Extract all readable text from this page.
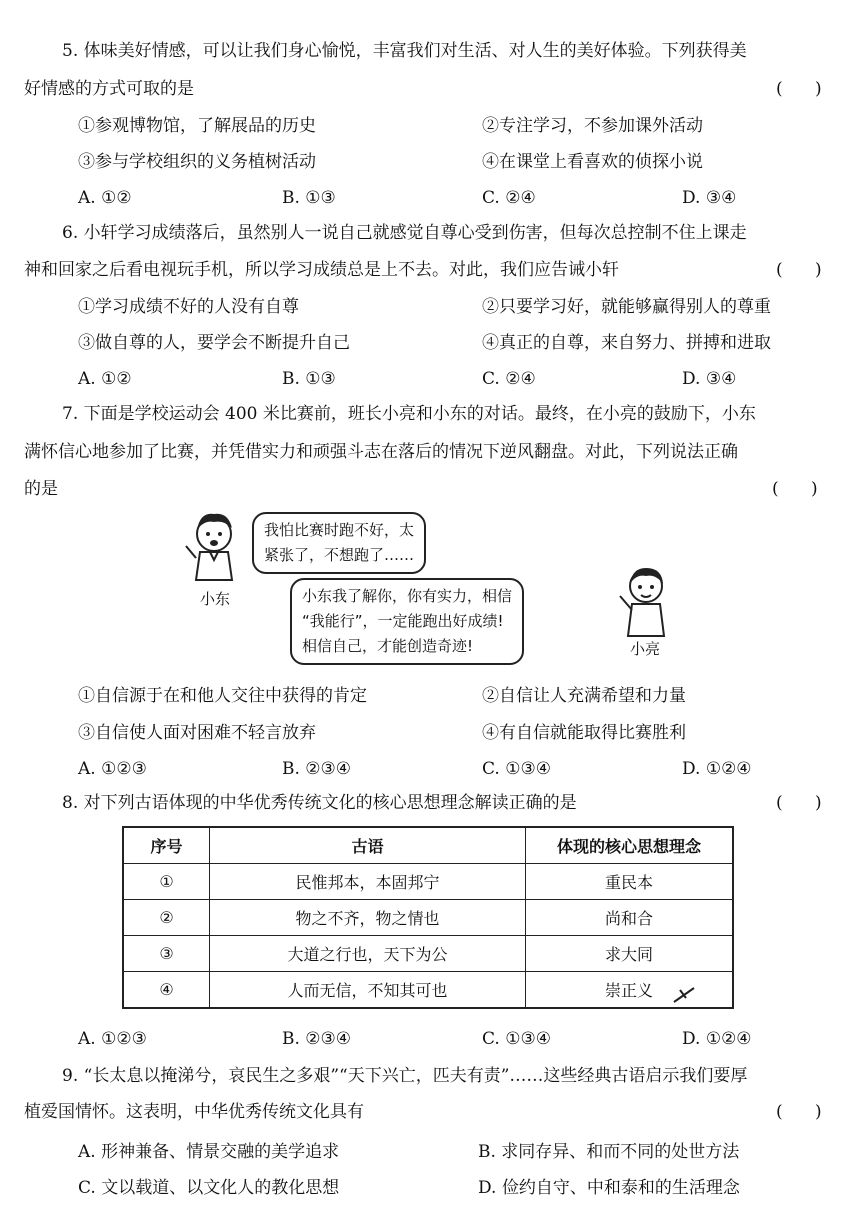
5. 体味美好情感，可以让我们身心愉悦，丰富我们对生活、对人生的美好体验。下列获得美
好情感的方式可取的是	(      )
①参观博物馆，了解展品的历史	②专注学习，不参加课外活动
③参与学校组织的义务植树活动	④在课堂上看喜欢的侦探小说
A. ①②	B. ①③	C. ②④	D. ③④
6. 小轩学习成绩落后，虽然别人一说自己就感觉自尊心受到伤害，但每次总控制不住上课走
神和回家之后看电视玩手机，所以学习成绩总是上不去。对此，我们应告诫小轩	(      )
①学习成绩不好的人没有自尊	②只要学习好，就能够赢得别人的尊重
③做自尊的人，要学会不断提升自己	④真正的自尊，来自努力、拼搏和进取
A. ①②	B. ①③	C. ②④	D. ③④
7. 下面是学校运动会 400 米比赛前，班长小亮和小东的对话。最终，在小亮的鼓励下，小东
满怀信心地参加了比赛，并凭借实力和顽强斗志在落后的情况下逆风翻盘。对此，下列说法正确
的是	(      )
小东
我怕比赛时跑不好，太
紧张了，不想跑了……
小东我了解你，你有实力，相信
“我能行”，一定能跑出好成绩!
相信自己，才能创造奇迹!	小亮
①自信源于在和他人交往中获得的肯定	②自信让人充满希望和力量
③自信使人面对困难不轻言放弃	④有自信就能取得比赛胜利
A. ①②③	B. ②③④	C. ①③④	D. ①②④
8. 对下列古语体现的中华优秀传统文化的核心思想理念解读正确的是	(      )
序号	古语	体现的核心思想理念
①	民惟邦本，本固邦宁	重民本
②	物之不齐，物之情也	尚和合
③	大道之行也，天下为公	求大同
④	人而无信，不知其可也	崇正义
A. ①②③	B. ②③④	C. ①③④	D. ①②④
9. “长太息以掩涕兮，哀民生之多艰”“天下兴亡，匹夫有责”……这些经典古语启示我们要厚
植爱国情怀。这表明，中华优秀传统文化具有	(      )
A. 形神兼备、情景交融的美学追求	B. 求同存异、和而不同的处世方法
C. 文以载道、以文化人的教化思想	D. 俭约自守、中和泰和的生活理念
